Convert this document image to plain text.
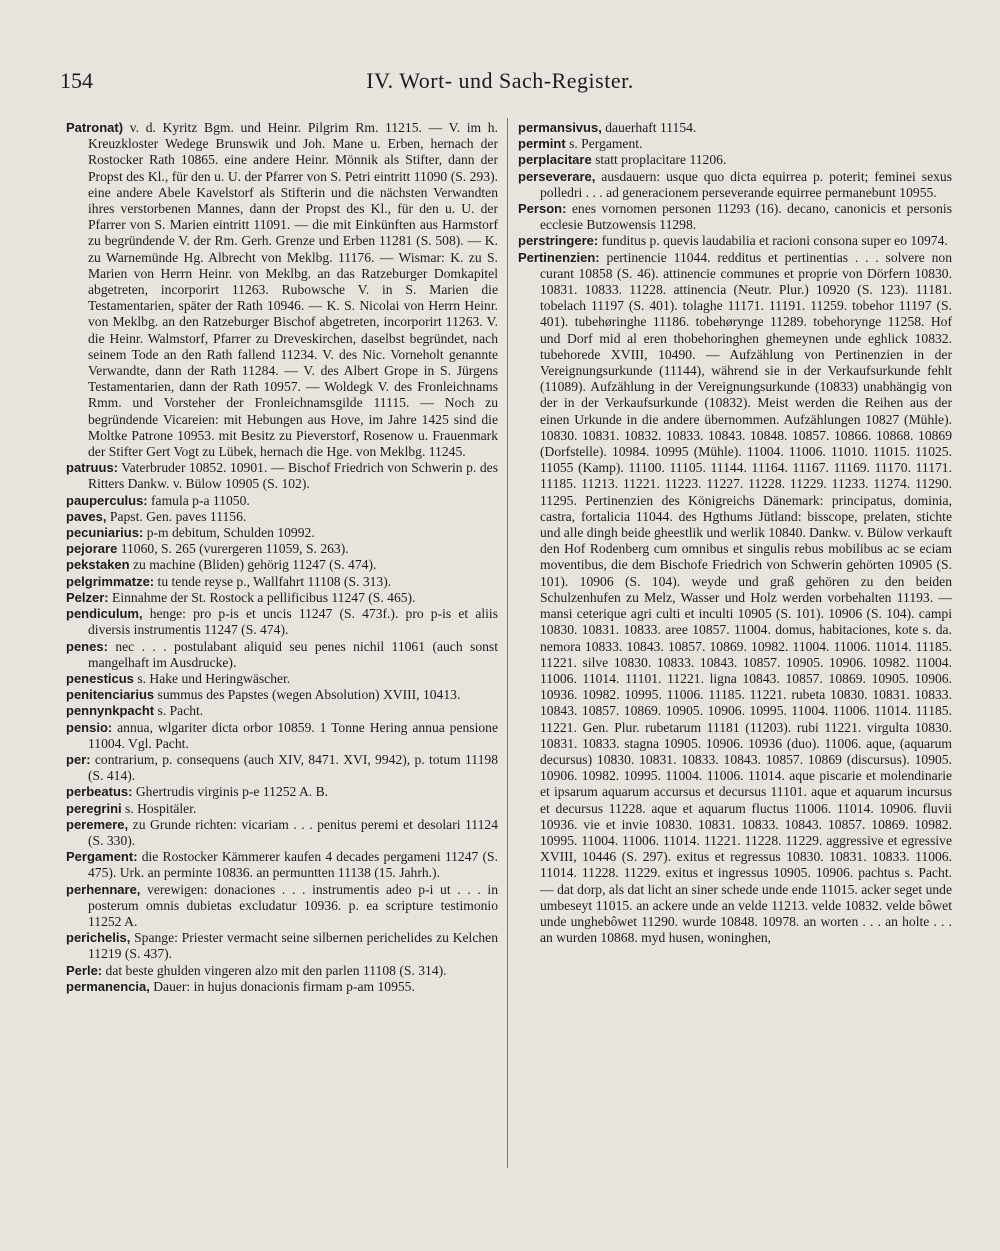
154	IV. Wort- und Sach-Register.

Patronat) v. d. Kyritz Bgm. und Heinr. Pilgrim Rm. 11215. — V. im h. Kreuzkloster Wedege Brunswik und Joh. Mane u. Erben, hernach der Rostocker Rath 10865. eine andere Heinr. Mönnik als Stifter, dann der Propst des Kl., für den u. U. der Pfarrer von S. Petri eintritt 11090 (S. 293). eine andere Abele Kavelstorf als Stifterin und die nächsten Verwandten ihres verstorbenen Mannes, dann der Propst des Kl., für den u. U. der Pfarrer von S. Marien eintritt 11091. — die mit Einkünften aus Harmstorf zu begründende V. der Rm. Gerh. Grenze und Erben 11281 (S. 508). — K. zu Warnemünde Hg. Albrecht von Meklbg. 11176. — Wismar: K. zu S. Marien von Herrn Heinr. von Meklbg. an das Ratzeburger Domkapitel abgetreten, incorporirt 11263. Rubowsche V. in S. Marien die Testamentarien, später der Rath 10946. — K. S. Nicolai von Herrn Heinr. von Meklbg. an den Ratzeburger Bischof abgetreten, incorporirt 11263. V. die Heinr. Walmstorf, Pfarrer zu Dreveskirchen, daselbst begründet, nach seinem Tode an den Rath fallend 11234. V. des Nic. Vorneholt genannte Verwandte, dann der Rath 11284. — V. des Albert Grope in S. Jürgens Testamentarien, dann der Rath 10957. — Woldegk V. des Fronleichnams Rmm. und Vorsteher der Fronleichnamsgilde 11115. — Noch zu begründende Vicareien: mit Hebungen aus Hove, im Jahre 1425 sind die Moltke Patrone 10953. mit Besitz zu Pieverstorf, Rosenow u. Frauenmark der Stifter Gert Vogt zu Lübek, hernach die Hge. von Meklbg. 11245.

patruus: Vaterbruder 10852. 10901. — Bischof Friedrich von Schwerin p. des Ritters Dankw. v. Bülow 10905 (S. 102).

pauperculus: famula p-a 11050.

paves, Papst. Gen. paves 11156.

pecuniarius: p-m debitum, Schulden 10992.

pejorare 11060, S. 265 (vurergeren 11059, S. 263).

pekstaken zu machine (Bliden) gehörig 11247 (S. 474).

pelgrimmatze: tu tende reyse p., Wallfahrt 11108 (S. 313).

Pelzer: Einnahme der St. Rostock a pellificibus 11247 (S. 465).

pendiculum, henge: pro p-is et uncis 11247 (S. 473f.). pro p-is et aliis diversis instrumentis 11247 (S. 474).

penes: nec . . . postulabant aliquid seu penes nichil 11061 (auch sonst mangelhaft im Ausdrucke).

penesticus s. Hake und Heringwäscher.

penitenciarius summus des Papstes (wegen Absolution) XVIII, 10413.

pennynkpacht s. Pacht.

pensio: annua, wlgariter dicta orbor 10859. 1 Tonne Hering annua pensione 11004. Vgl. Pacht.

per: contrarium, p. consequens (auch XIV, 8471. XVI, 9942), p. totum 11198 (S. 414).

perbeatus: Ghertrudis virginis p-e 11252 A. B.

peregrini s. Hospitäler.

peremere, zu Grunde richten: vicariam . . . penitus peremi et desolari 11124 (S. 330).

Pergament: die Rostocker Kämmerer kaufen 4 decades pergameni 11247 (S. 475). Urk. an perminte 10836. an permuntten 11138 (15. Jahrh.).

perhennare, verewigen: donaciones . . . instrumentis adeo p-i ut . . . in posterum omnis dubietas excludatur 10936. p. ea scripture testimonio 11252 A.

perichelis, Spange: Priester vermacht seine silbernen perichelides zu Kelchen 11219 (S. 437).

Perle: dat beste ghulden vingeren alzo mit den parlen 11108 (S. 314).

permanencia, Dauer: in hujus donacionis firmam p-am 10955.

permansivus, dauerhaft 11154.

permint s. Pergament.

perplacitare statt proplacitare 11206.

perseverare, ausdauern: usque quo dicta equirrea p. poterit; feminei sexus polledri . . . ad generacionem perseverande equirree permanebunt 10955.

Person: enes vornomen personen 11293 (16). decano, canonicis et personis ecclesie Butzowensis 11298.

perstringere: funditus p. quevis laudabilia et racioni consona super eo 10974.

Pertinenzien: pertinencie 11044. redditus et pertinentias . . . solvere non curant 10858 (S. 46). attinencie communes et proprie von Dörfern 10830. 10831. 10833. 11228. attinencia (Neutr. Plur.) 10920 (S. 123). 11181. tobelach 11197 (S. 401). tolaghe 11171. 11191. 11259. tobehor 11197 (S. 401). tubehøringhe 11186. tobehørynge 11289. tobehorynge 11258. Hof und Dorf mid al eren thobehoringhen ghemeynen unde eghlick 10832. tubehorede XVIII, 10490. — Aufzählung von Pertinenzien in der Vereignungsurkunde (11144), während sie in der Verkaufsurkunde fehlt (11089). Aufzählung in der Vereignungsurkunde (10833) unabhängig von der in der Verkaufsurkunde (10832). Meist werden die Reihen aus der einen Urkunde in die andere übernommen. Aufzählungen 10827 (Mühle). 10830. 10831. 10832. 10833. 10843. 10848. 10857. 10866. 10868. 10869 (Dorfstelle). 10984. 10995 (Mühle). 11004. 11006. 11010. 11015. 11025. 11055 (Kamp). 11100. 11105. 11144. 11164. 11167. 11169. 11170. 11171. 11185. 11213. 11221. 11223. 11227. 11228. 11229. 11233. 11274. 11290. 11295. Pertinenzien des Königreichs Dänemark: principatus, dominia, castra, fortalicia 11044. des Hgthums Jütland: bisscope, prelaten, stichte und alle dingh beide gheestlik und werlik 10840. Dankw. v. Bülow verkauft den Hof Rodenberg cum omnibus et singulis rebus mobilibus ac se eciam moventibus, die dem Bischofe Friedrich von Schwerin gehörten 10905 (S. 101). 10906 (S. 104). weyde und graß gehören zu den beiden Schulzenhufen zu Melz, Wasser und Holz werden vorbehalten 11193. — mansi ceterique agri culti et inculti 10905 (S. 101). 10906 (S. 104). campi 10830. 10831. 10833. aree 10857. 11004. domus, habitaciones, kote s. da. nemora 10833. 10843. 10857. 10869. 10982. 11004. 11006. 11014. 11185. 11221. silve 10830. 10833. 10843. 10857. 10905. 10906. 10982. 11004. 11006. 11014. 11101. 11221. ligna 10843. 10857. 10869. 10905. 10906. 10936. 10982. 10995. 11006. 11185. 11221. rubeta 10830. 10831. 10833. 10843. 10857. 10869. 10905. 10906. 10995. 11004. 11006. 11014. 11185. 11221. Gen. Plur. rubetarum 11181 (11203). rubi 11221. virgulta 10830. 10831. 10833. stagna 10905. 10906. 10936 (duo). 11006. aque, (aquarum decursus) 10830. 10831. 10833. 10843. 10857. 10869 (discursus). 10905. 10906. 10982. 10995. 11004. 11006. 11014. aque piscarie et molendinarie et ipsarum aquarum accursus et decursus 11101. aque et aquarum incursus et decursus 11228. aque et aquarum fluctus 11006. 11014. 10906. fluvii 10936. vie et invie 10830. 10831. 10833. 10843. 10857. 10869. 10982. 10995. 11004. 11006. 11014. 11221. 11228. 11229. aggressive et egressive XVIII, 10446 (S. 297). exitus et regressus 10830. 10831. 10833. 11006. 11014. 11228. 11229. exitus et ingressus 10905. 10906. pachtus s. Pacht. — dat dorp, als dat licht an siner schede unde ende 11015. acker seget unde umbeseyt 11015. an ackere unde an velde 11213. velde 10832. velde bôwet unde unghebôwet 11290. wurde 10848. 10978. an worten . . . an holte . . . an wurden 10868. myd husen, woninghen,
